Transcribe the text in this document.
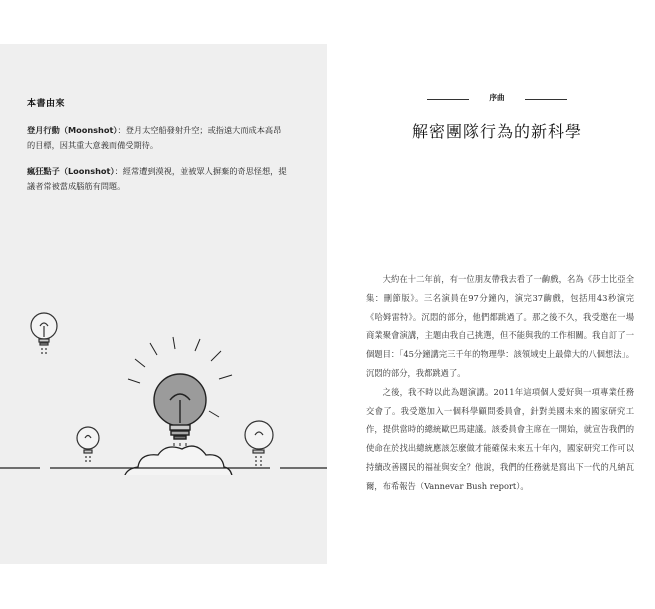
本書由來
登月行動（Moonshot）：登月太空船發射升空；或指遠大而成本高昂的目標，因其重大意義而備受期待。
瘋狂點子（Loonshot）：經常遭到漠視，並被眾人摒棄的奇思怪想，提議者常被當成腦筋有問題。
序曲
解密團隊行為的新科學

大約在十二年前，有一位朋友帶我去看了一齣戲，名為《莎士比亞全集：刪節版》。三名演員在97分鐘內，演完37齣戲，包括用43秒演完《哈姆雷特》。沉悶的部分，他們都跳過了。那之後不久，我受邀在一場商業聚會演講，主題由我自己挑選，但不能與我的工作相關。我自訂了一個題目：「45分鐘講完三千年的物理學：該領域史上最偉大的八個想法」。沉悶的部分，我都跳過了。

之後，我不時以此為題演講。2011年這項個人愛好與一項專業任務交會了。我受邀加入一個科學顧問委員會，針對美國未來的國家研究工作，提供當時的總統歐巴馬建議。該委員會主席在一開始，就宣告我們的使命在於找出總統應該怎麼做才能確保未來五十年內，國家研究工作可以持續改善國民的福祉與安全？他說，我們的任務就是寫出下一代的凡納瓦爾，布希報告（Vannevar Bush report）。
